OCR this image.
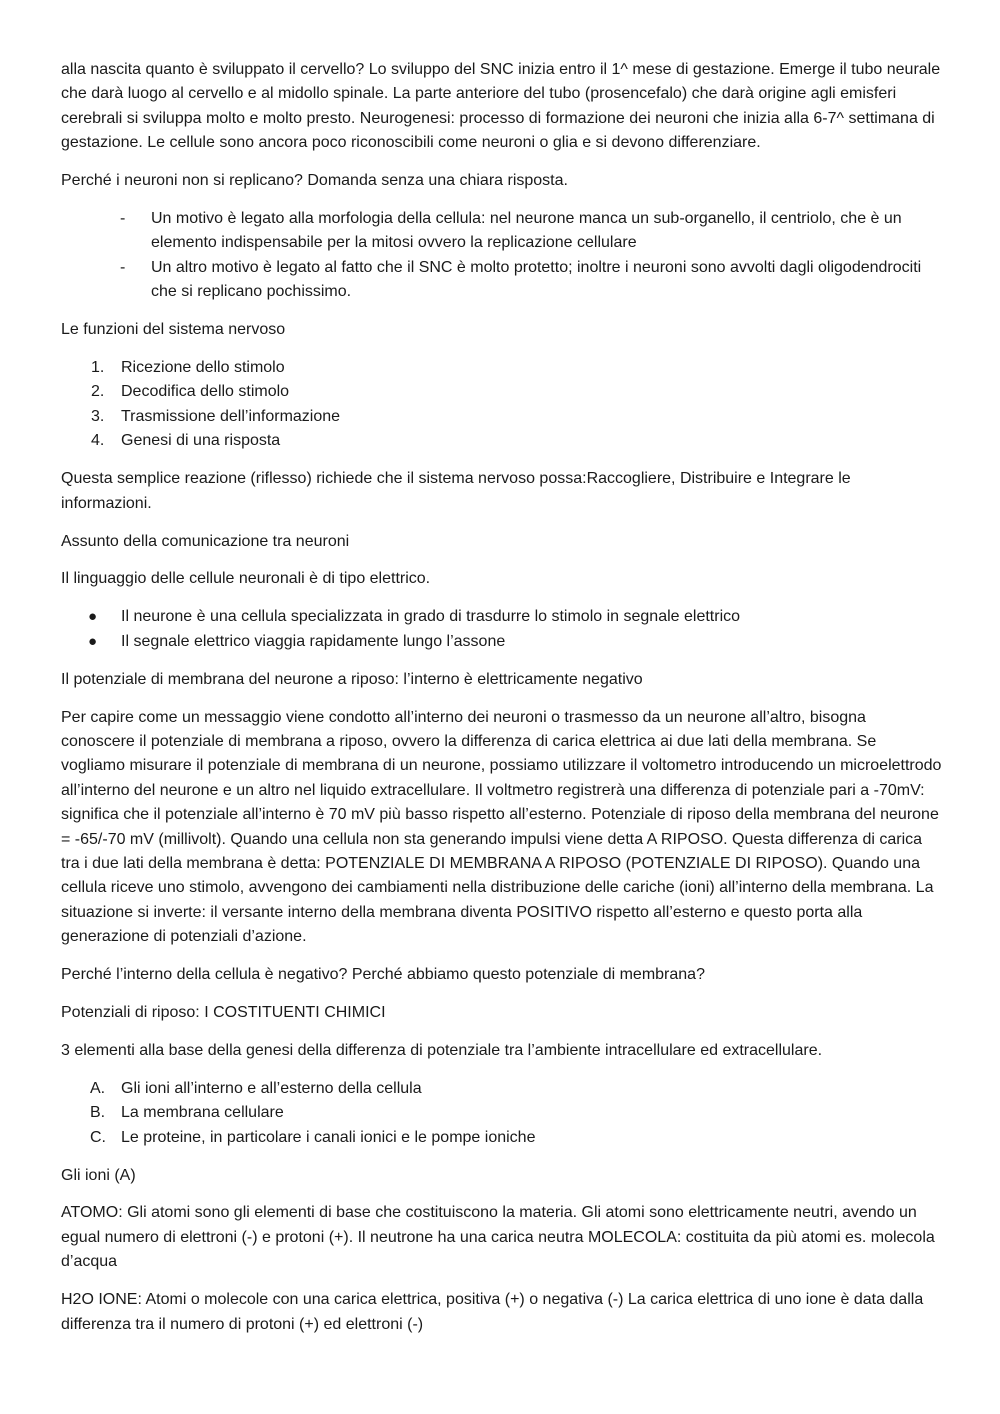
alla nascita quanto è sviluppato il cervello? Lo sviluppo del SNC inizia entro il 1^ mese di gestazione. Emerge il tubo neurale che darà luogo al cervello e al midollo spinale. La parte anteriore del tubo (prosencefalo) che darà origine agli emisferi cerebrali si sviluppa molto e molto presto. Neurogenesi: processo di formazione dei neuroni che inizia alla 6-7^ settimana di gestazione. Le cellule sono ancora poco riconoscibili come neuroni o glia e si devono differenziare.

Perché i neuroni non si replicano? Domanda senza una chiara risposta.

- Un motivo è legato alla morfologia della cellula: nel neurone manca un sub-organello, il centriolo, che è un elemento indispensabile per la mitosi ovvero la replicazione cellulare
- Un altro motivo è legato al fatto che il SNC è molto protetto; inoltre i neuroni sono avvolti dagli oligodendrociti che si replicano pochissimo.

Le funzioni del sistema nervoso

1. Ricezione dello stimolo
2. Decodifica dello stimolo
3. Trasmissione dell’informazione
4. Genesi di una risposta

Questa semplice reazione (riflesso) richiede che il sistema nervoso possa:Raccogliere, Distribuire e Integrare le informazioni.

Assunto della comunicazione tra neuroni

Il linguaggio delle cellule neuronali è di tipo elettrico.

● Il neurone è una cellula specializzata in grado di trasdurre lo stimolo in segnale elettrico
● Il segnale elettrico viaggia rapidamente lungo l’assone

Il potenziale di membrana del neurone a riposo: l’interno è elettricamente negativo

Per capire come un messaggio viene condotto all’interno dei neuroni o trasmesso da un neurone all’altro, bisogna conoscere il potenziale di membrana a riposo, ovvero la differenza di carica elettrica ai due lati della membrana. Se vogliamo misurare il potenziale di membrana di un neurone, possiamo utilizzare il voltometro introducendo un microelettrodo all’interno del neurone e un altro nel liquido extracellulare. Il voltmetro registrerà una differenza di potenziale pari a -70mV: significa che il potenziale all’interno è 70 mV più basso rispetto all’esterno. Potenziale di riposo della membrana del neurone = -65/-70 mV (millivolt). Quando una cellula non sta generando impulsi viene detta A RIPOSO. Questa differenza di carica tra i due lati della membrana è detta: POTENZIALE DI MEMBRANA A RIPOSO (POTENZIALE DI RIPOSO). Quando una cellula riceve uno stimolo, avvengono dei cambiamenti nella distribuzione delle cariche (ioni) all’interno della membrana. La situazione si inverte: il versante interno della membrana diventa POSITIVO rispetto all’esterno e questo porta alla generazione di potenziali d’azione.

Perché l’interno della cellula è negativo? Perché abbiamo questo potenziale di membrana?

Potenziali di riposo: I COSTITUENTI CHIMICI

3 elementi alla base della genesi della differenza di potenziale tra l’ambiente intracellulare ed extracellulare.

A. Gli ioni all’interno e all’esterno della cellula
B. La membrana cellulare
C. Le proteine, in particolare i canali ionici e le pompe ioniche

Gli ioni (A)

ATOMO: Gli atomi sono gli elementi di base che costituiscono la materia. Gli atomi sono elettricamente neutri, avendo un egual numero di elettroni (-) e protoni (+). Il neutrone ha una carica neutra MOLECOLA: costituita da più atomi es. molecola d’acqua

H2O IONE: Atomi o molecole con una carica elettrica, positiva (+) o negativa (-) La carica elettrica di uno ione è data dalla differenza tra il numero di protoni (+) ed elettroni (-)
